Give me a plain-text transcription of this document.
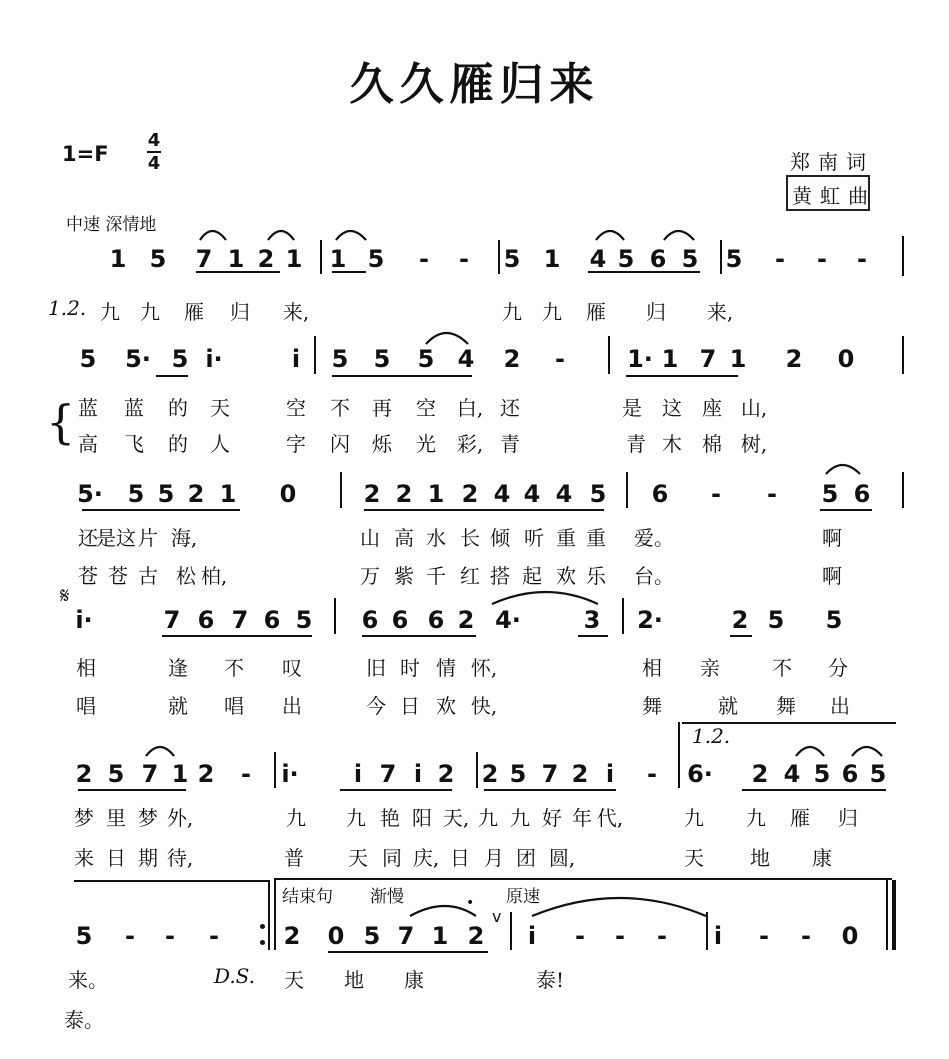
久久雁归来
$1=F \frac{4}{4}$	郑南词
黄虹曲
中速 深情地
1.2.
{
𝄋
1.2.
结束句 渐慢	原速
D.S.
1 5 7 1 2 1 1 5 - - 5 1 4 5 6 5 5 - - -
5 5· 5 i·	i 5 5 5 4 2 -	1· 1 7 1 2 0
5· 5 5 2 1 0	2 2 1 2 4 4 4 5 6 - - 5 6
i·	7 6 7 6 5 6 6 6 2 4·	3 2·	2 5 5
2 5 7 1 2 - i· i 7 i 2 2 5 7 2 i - 6· 2 4 5 6 5
5 - - -	2 0 5 7 1 2 i - - - i - - 0
九 九 雁 归 来,	九 九 雁 归 来,
蓝 蓝 的 天	空 不 再 空 白, 还	是 这 座 山,
高 飞 的 人	字 闪 烁 光 彩, 青	青 木 棉 树,
还
是 这 片 海,	山 高 水 长 倾 听 重 重 爱。	啊
苍 苍 古 松 柏,	万 紫 千 红 搭 起 欢 乐 台。	啊
相	逢 不 叹	旧 时 情 怀,	相 亲	不 分
唱	就 唱 出	今 日 欢 快,	舞	就 舞 出
梦 里 梦 外,	九 九 艳 阳 天, 九 九 好 年 代,	九 九 雁 归
来 日 期 待,	普 天 同 庆, 日 月 团 圆,	天 地 康
来。	天 地 康	泰!
泰。
v
•
